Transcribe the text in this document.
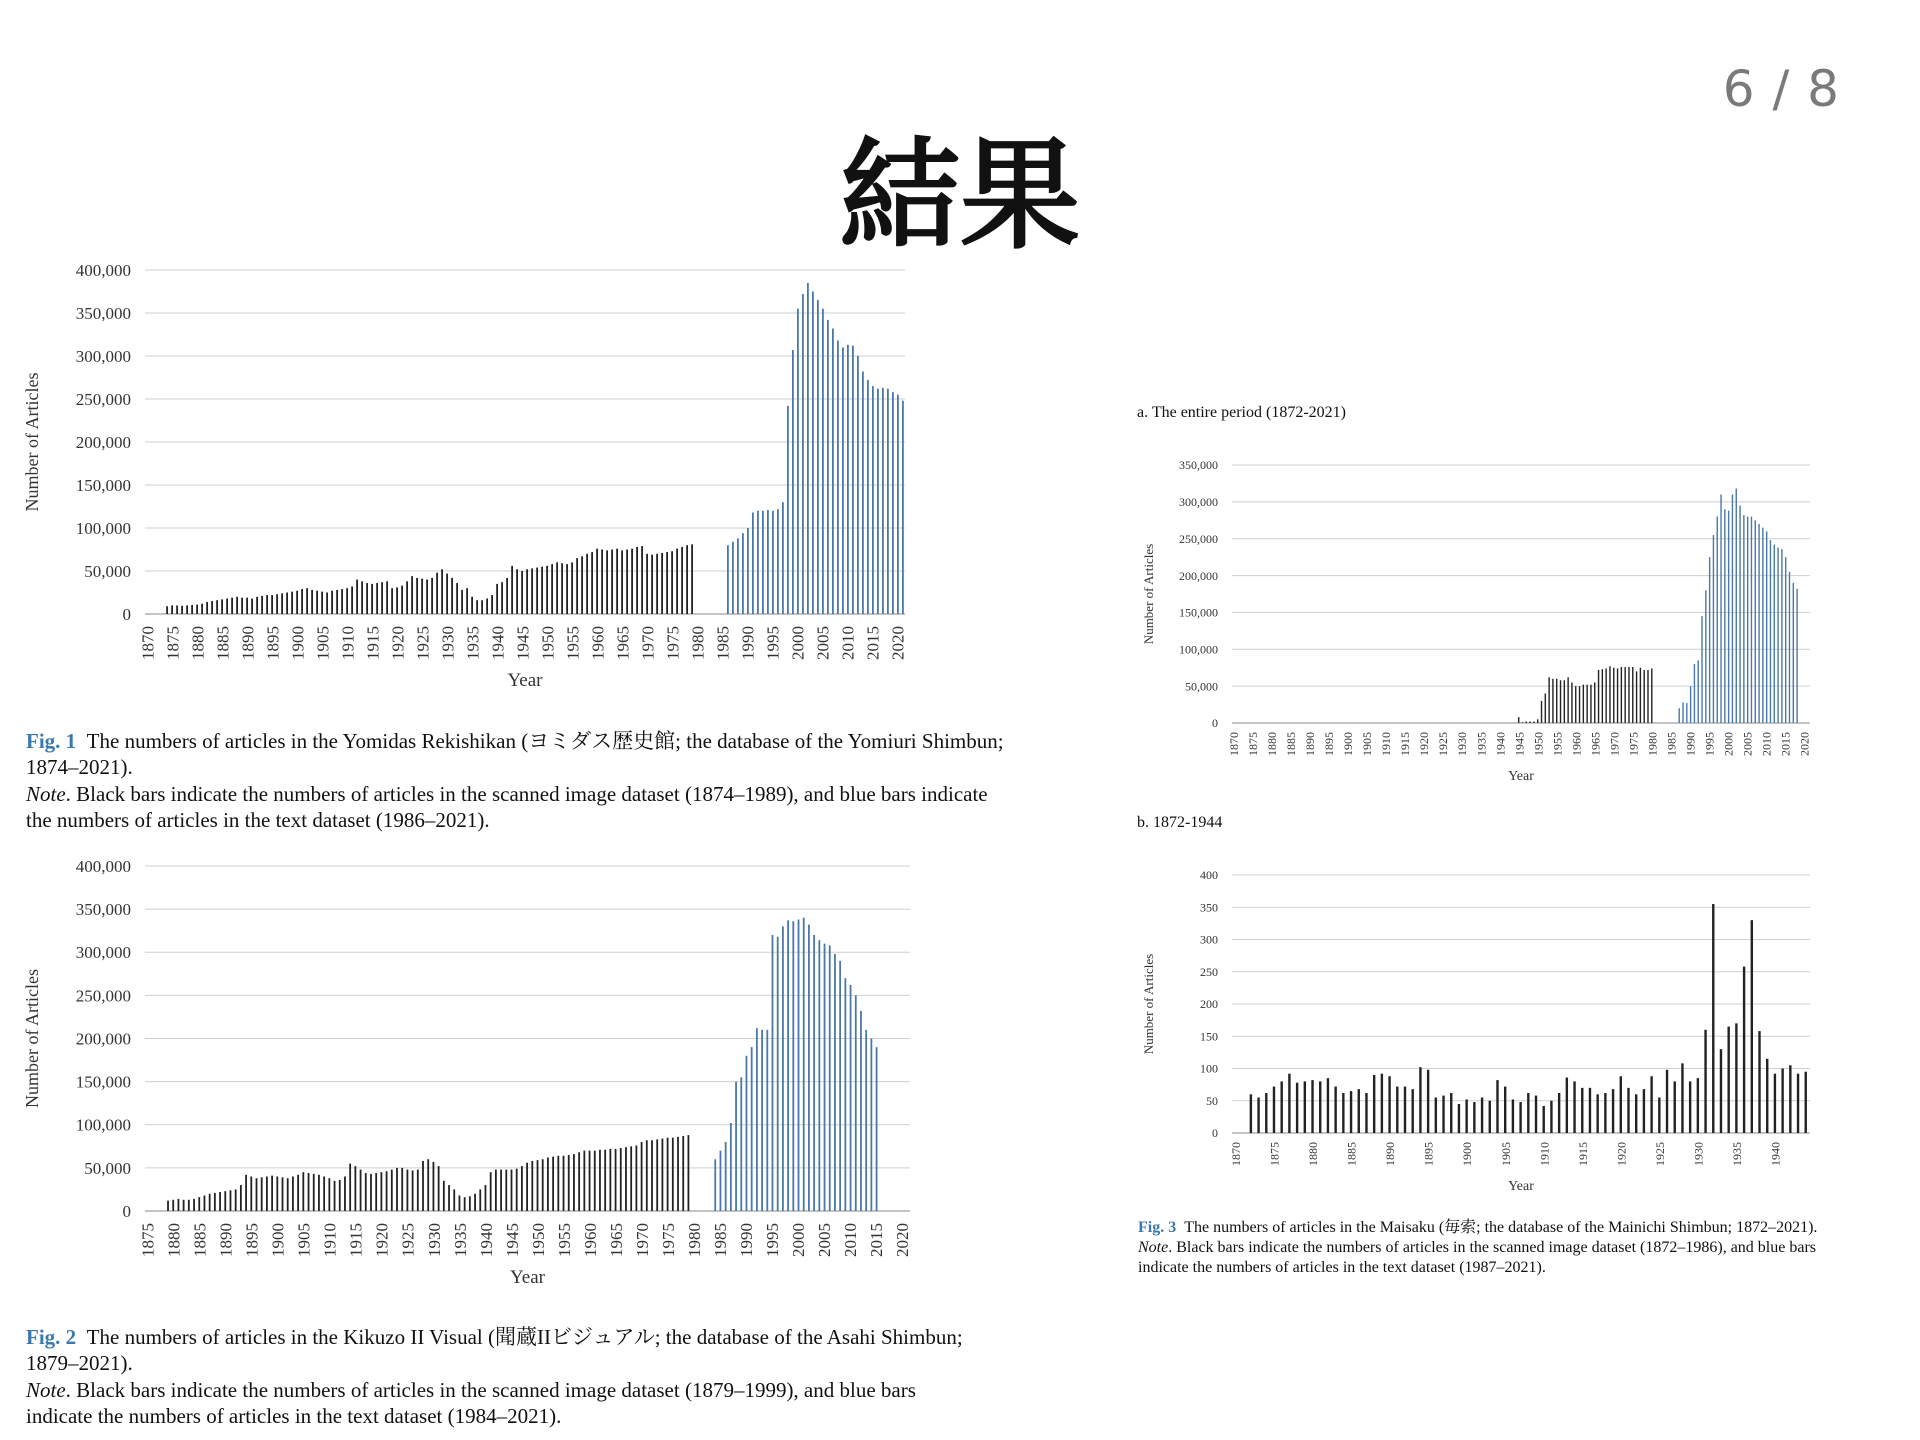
6 / 8
結果
0
50,000
100,000
150,000
200,000
250,000
300,000
350,000
400,000
1870 1875 1880 1885 1890 1895 1900 1905 1910 1915 1920 1925 1930 1935 1940 1945 1950 1955 1960 1965 1970 1975 1980 1985 1990 1995 2000 2005 2010 2015 2020
Year
Number of Articles
Fig. 1 The numbers of articles in the Yomidas Rekishikan (ヨミダス歴史館; the database of the Yomiuri Shimbun;
1874–2021).
Note. Black bars indicate the numbers of articles in the scanned image dataset (1874–1989), and blue bars indicate
the numbers of articles in the text dataset (1986–2021).
0
50,000
100,000
150,000
200,000
250,000
300,000
350,000
400,000
1875 1880 1885 1890 1895 1900 1905 1910 1915 1920 1925 1930 1935 1940 1945 1950 1955 1960 1965 1970 1975 1980 1985 1990 1995 2000 2005 2010 2015 2020
Year
Number of Articles
Fig. 2 The numbers of articles in the Kikuzo II Visual (聞蔵IIビジュアル; the database of the Asahi Shimbun;
1879–2021).
Note. Black bars indicate the numbers of articles in the scanned image dataset (1879–1999), and blue bars
indicate the numbers of articles in the text dataset (1984–2021).
a. The entire period (1872-2021)
0
50,000
100,000
150,000
200,000
250,000
300,000
350,000
1870 1875 1880 1885 1890 1895 1900 1905 1910 1915 1920 1925 1930 1935 1940 1945 1950 1955 1960 1965 1970 1975 1980 1985 1990 1995 2000 2005 2010 2015 2020
Year
Number of Articles
b. 1872-1944
0
50
100
150
200
250
300
350
400
1870 1875 1880 1885 1890 1895 1900 1905 1910 1915 1920 1925 1930 1935 1940
Year
Number of Articles
Fig. 3 The numbers of articles in the Maisaku (毎索; the database of the Mainichi Shimbun; 1872–2021).
Note. Black bars indicate the numbers of articles in the scanned image dataset (1872–1986), and blue bars
indicate the numbers of articles in the text dataset (1987–2021).
